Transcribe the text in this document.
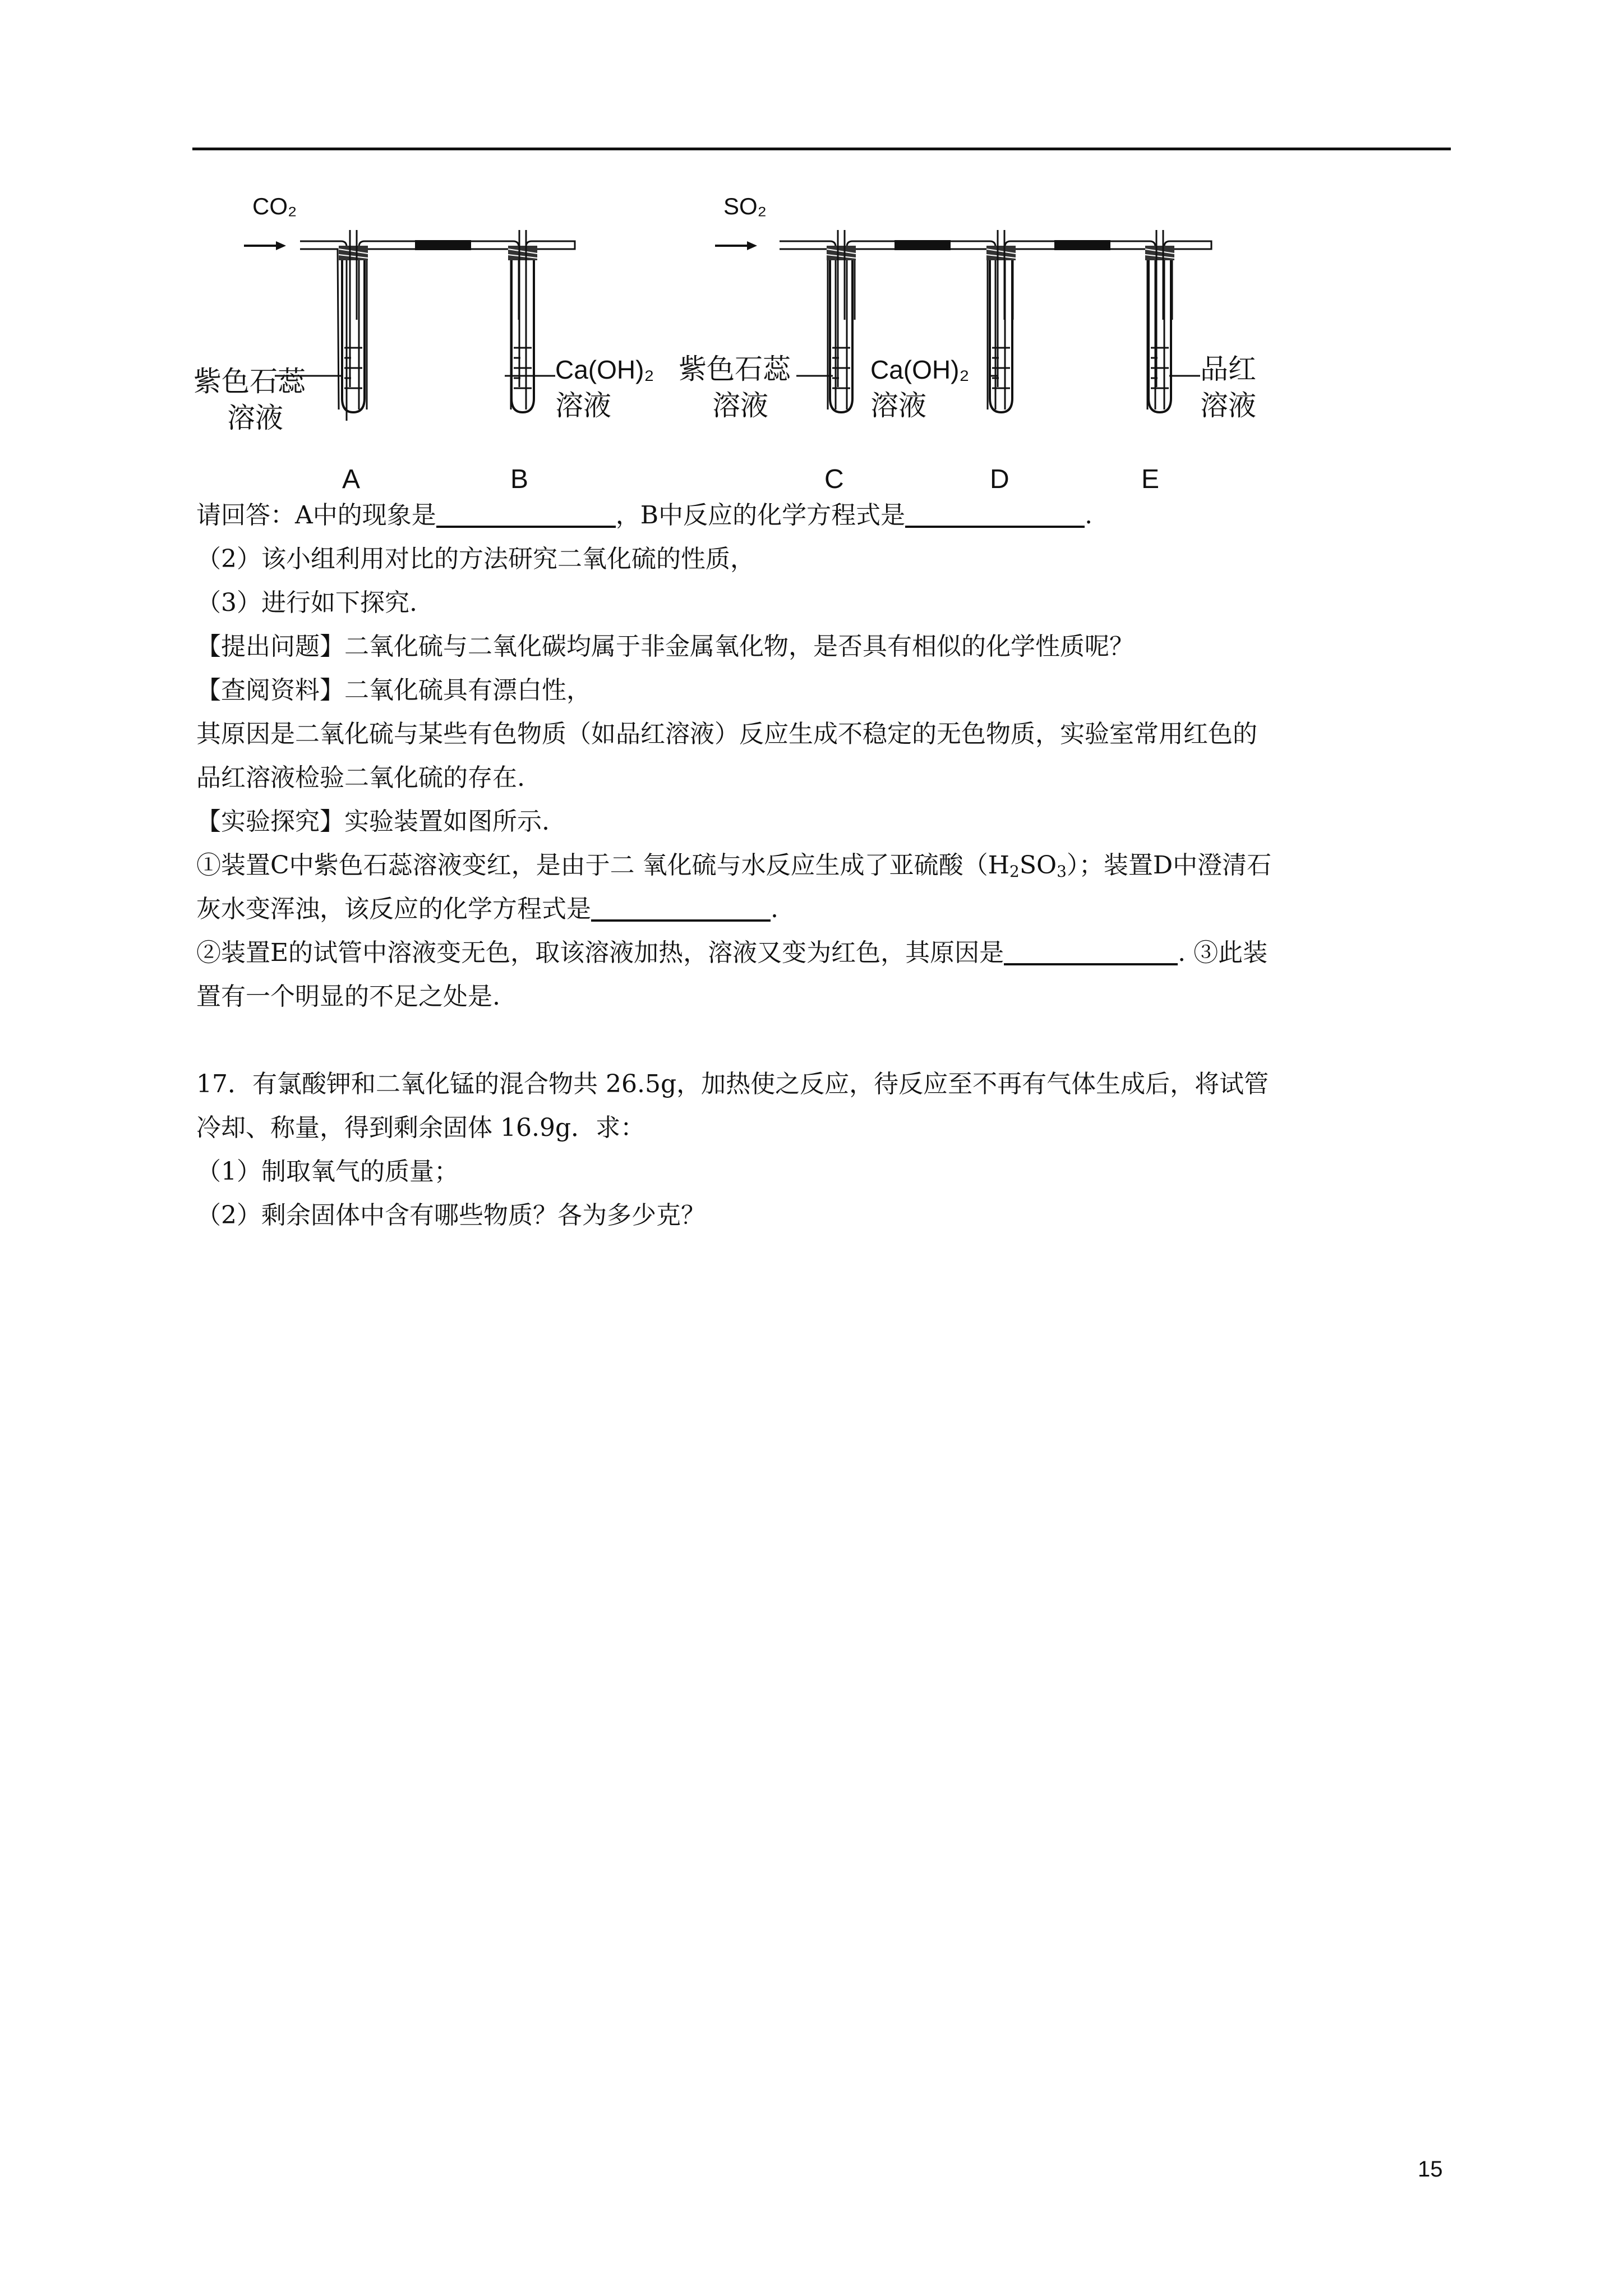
CO₂
紫色石蕊
溶液
Ca(OH)₂
溶液
A	B
SO₂
紫色石蕊
溶液
Ca(OH)₂
溶液
品红
溶液
C	D	E
请回答：A中的现象是	，B中反应的化学方程式是	.
（2）该小组利用对比的方法研究二氧化硫的性质，
（3）进行如下探究.
【提出问题】二氧化硫与二氧化碳均属于非金属氧化物，是否具有相似的化学性质呢？
【查阅资料】二氧化硫具有漂白性，
其原因是二氧化硫与某些有色物质（如品红溶液）反应生成不稳定的无色物质，实验室常用红色的
品红溶液检验二氧化硫的存在.
【实验探究】实验装置如图所示.
①装置C中紫色石蕊溶液变红，是由于二 氧化硫与水反应生成了亚硫酸$(H_2SO_3)$；装置D中澄清石
灰水变浑浊，该反应的化学方程式是	.
②装置E的试管中溶液变无色，取该溶液加热，溶液又变为红色，其原因是	. ③此装
置有一个明显的不足之处是.
17．有氯酸钾和二氧化锰的混合物共 26.5g，加热使之反应，待反应至不再有气体生成后，将试管
冷却、称量，得到剩余固体 16.9g．求：
（1）制取氧气的质量；
（2）剩余固体中含有哪些物质？各为多少克？
15
